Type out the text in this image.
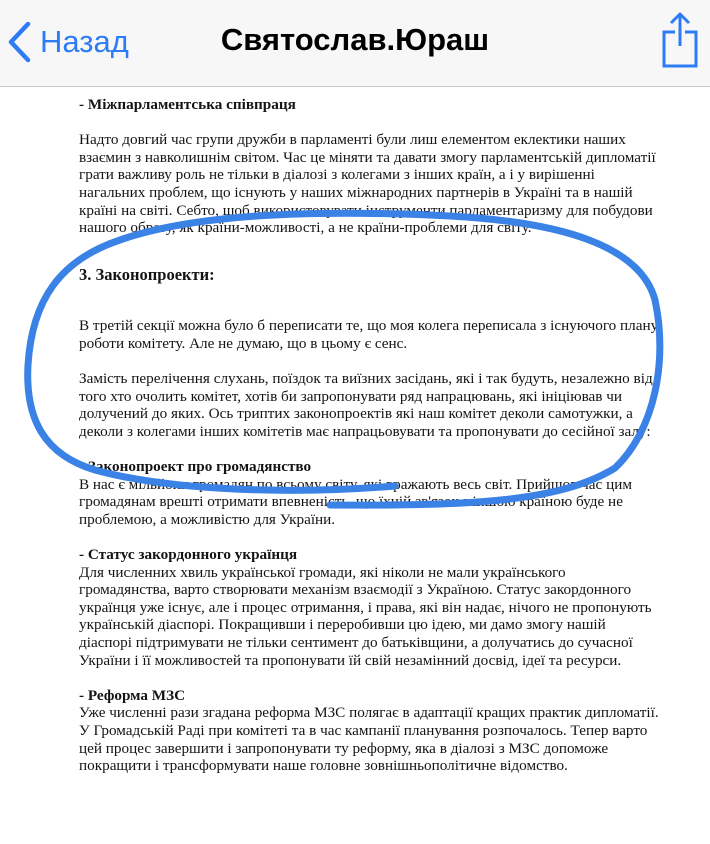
Назад	Святослав.Юраш

- Міжпарламентська співпраця

Надто довгий час групи дружби в парламенті були лиш елементом еклектики наших взаємин з навколишнім світом. Час це міняти та давати змогу парламентській дипломатії грати важливу роль не тільки в діалозі з колегами з інших країн, а і у вирішенні нагальних проблем, що існують у наших міжнародних партнерів в Україні та в нашій країні на світі. Себто, щоб використовувати інструменти парламентаризму для побудови нашого образу, як країни-можливості, а не країни-проблеми для світу.

3. Законопроекти:

В третій секції можна було б переписати те, що моя колега переписала з існуючого плану роботи комітету. Але не думаю, що в цьому є сенс.

Замість перелічення слухань, поїздок та виїзних засідань, які і так будуть, незалежно від того хто очолить комітет, хотів би запропонувати ряд напрацювань, які ініціював чи долучений до яких. Ось триптих законопроектів які наш комітет деколи самотужки, а деколи з колегами інших комітетів має напрацьовувати та пропонувати до сесійної залу:

- Законопроект про громадянство

В нас є мільйони громадян по всьому світу, які вражають весь світ. Прийшов час цим громадянам врешті отримати впевненість, що їхній зв'язок з іншою країною буде не проблемою, а можливістю для України.

- Статус закордонного українця

Для численних хвиль української громади, які ніколи не мали українського громадянства, варто створювати механізм взаємодії з Україною. Статус закордонного українця уже існує, але і процес отримання, і права, які він надає, нічого не пропонують українській діаспорі. Покращивши і переробивши цю ідею, ми дамо змогу нашій діаспорі підтримувати не тільки сентимент до батьківщини, а долучатись до сучасної України і її можливостей та пропонувати їй свій незамінний досвід, ідеї та ресурси.

- Реформа МЗС

Уже численні рази згадана реформа МЗС полягає в адаптації кращих практик дипломатії. У Громадській Раді при комітеті та в час кампанії планування розпочалось. Тепер варто цей процес завершити і запропонувати ту реформу, яка в діалозі з МЗС допоможе покращити і трансформувати наше головне зовнішньополітичне відомство.
